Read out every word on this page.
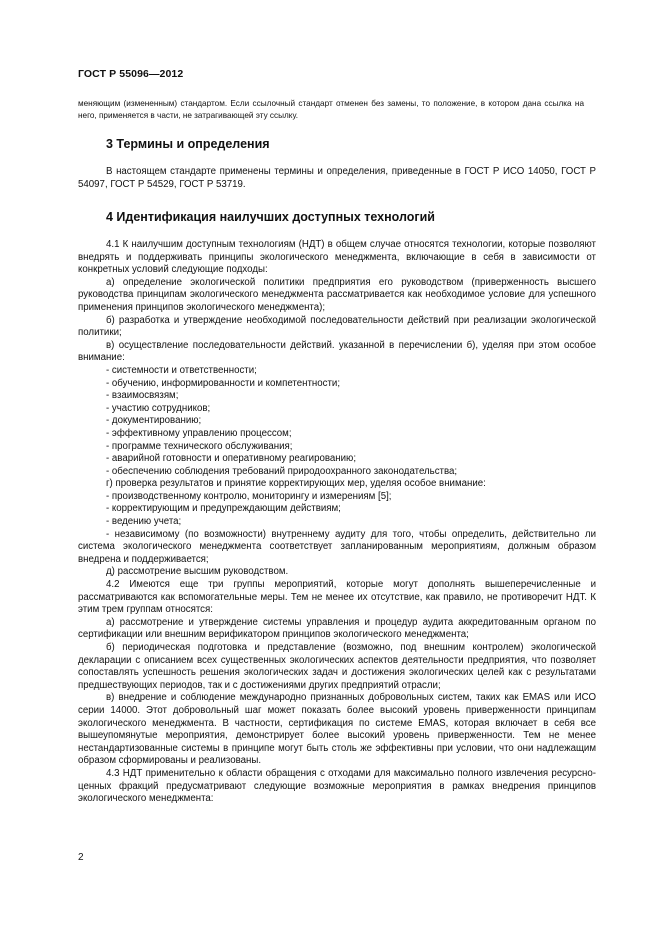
ГОСТ Р 55096—2012
меняющим (измененным) стандартом. Если ссылочный стандарт отменен без замены, то положение, в котором дана ссылка на него, применяется в части, не затрагивающей эту ссылку.
3 Термины и определения

В настоящем стандарте применены термины и определения, приведенные в ГОСТ Р ИСО 14050, ГОСТ Р 54097, ГОСТ Р 54529, ГОСТ Р 53719.

4 Идентификация наилучших доступных технологий

4.1 К наилучшим доступным технологиям (НДТ) в общем случае относятся технологии, которые позволяют внедрять и поддерживать принципы экологического менеджмента, включающие в себя в зависимости от конкретных условий следующие подходы:

а) определение экологической политики предприятия его руководством (приверженность высшего руководства принципам экологического менеджмента рассматривается как необходимое условие для успешного применения принципов экологического менеджмента);

б) разработка и утверждение необходимой последовательности действий при реализации экологической политики;

в) осуществление последовательности действий. указанной в перечислении б), уделяя при этом особое внимание:

- системности и ответственности;

- обучению, информированности и компетентности;

- взаимосвязям;

- участию сотрудников;

- документированию;

- эффективному управлению процессом;

- программе технического обслуживания;

- аварийной готовности и оперативному реагированию;

- обеспечению соблюдения требований природоохранного законодательства;

г) проверка результатов и принятие корректирующих мер, уделяя особое внимание:

- производственному контролю, мониторингу и измерениям [5];

- корректирующим и предупреждающим действиям;

- ведению учета;

- независимому (по возможности) внутреннему аудиту для того, чтобы определить, действительно ли система экологического менеджмента соответствует запланированным мероприятиям, должным образом внедрена и поддерживается;

д) рассмотрение высшим руководством.

4.2 Имеются еще три группы мероприятий, которые могут дополнять вышеперечисленные и рассматриваются как вспомогательные меры. Тем не менее их отсутствие, как правило, не противоречит НДТ. К этим трем группам относятся:

а) рассмотрение и утверждение системы управления и процедур аудита аккредитованным органом по сертификации или внешним верификатором принципов экологического менеджмента;

б) периодическая подготовка и представление (возможно, под внешним контролем) экологической декларации с описанием всех существенных экологических аспектов деятельности предприятия, что позволяет сопоставлять успешность решения экологических задач и достижения экологических целей как с результатами предшествующих периодов, так и с достижениями других предприятий отрасли;

в) внедрение и соблюдение международно признанных добровольных систем, таких как EMAS или ИСО серии 14000. Этот добровольный шаг может показать более высокий уровень приверженности принципам экологического менеджмента. В частности, сертификация по системе EMAS, которая включает в себя все вышеупомянутые мероприятия, демонстрирует более высокий уровень приверженности. Тем не менее нестандартизованные системы в принципе могут быть столь же эффективны при условии, что они надлежащим образом сформированы и реализованы.

4.3 НДТ применительно к области обращения с отходами для максимально полного извлечения ресурсно-ценных фракций предусматривают следующие возможные мероприятия в рамках внедрения принципов экологического менеджмента:

2
